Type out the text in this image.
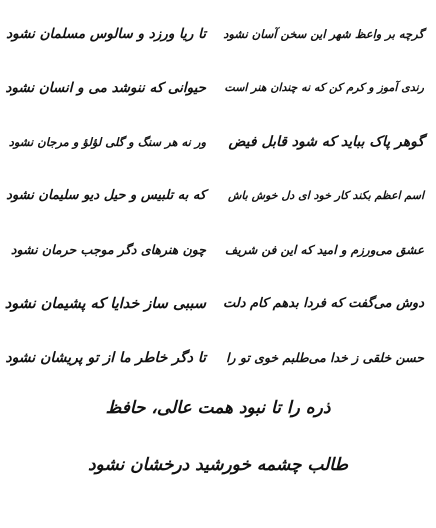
گرچه بر واعظ شهر این سخن آسان نشود
تا ریا ورزد و سالوس مسلمان نشود
رندی آموز و کرم کن که نه چندان هنر است
حیوانی که ننوشد می و انسان نشود
گوهر پاک بباید که شود قابل فیض
ور نه هر سنگ و گلی لؤلؤ و مرجان نشود
اسم اعظم بکند کار خود ای دل خوش باش
که به تلبیس و حیل دیو سلیمان نشود
عشق می‌ورزم و امید که این فن شریف
چون هنرهای دگر موجب حرمان نشود
دوش می‌گفت که فردا بدهم کام دلت
سببی ساز خدایا که پشیمان نشود
حسن خلقی ز خدا می‌طلبم خوی تو را
تا دگر خاطر ما از تو پریشان نشود
ذره را تا نبود همت عالی، حافظ
طالب چشمه خورشید درخشان نشود
